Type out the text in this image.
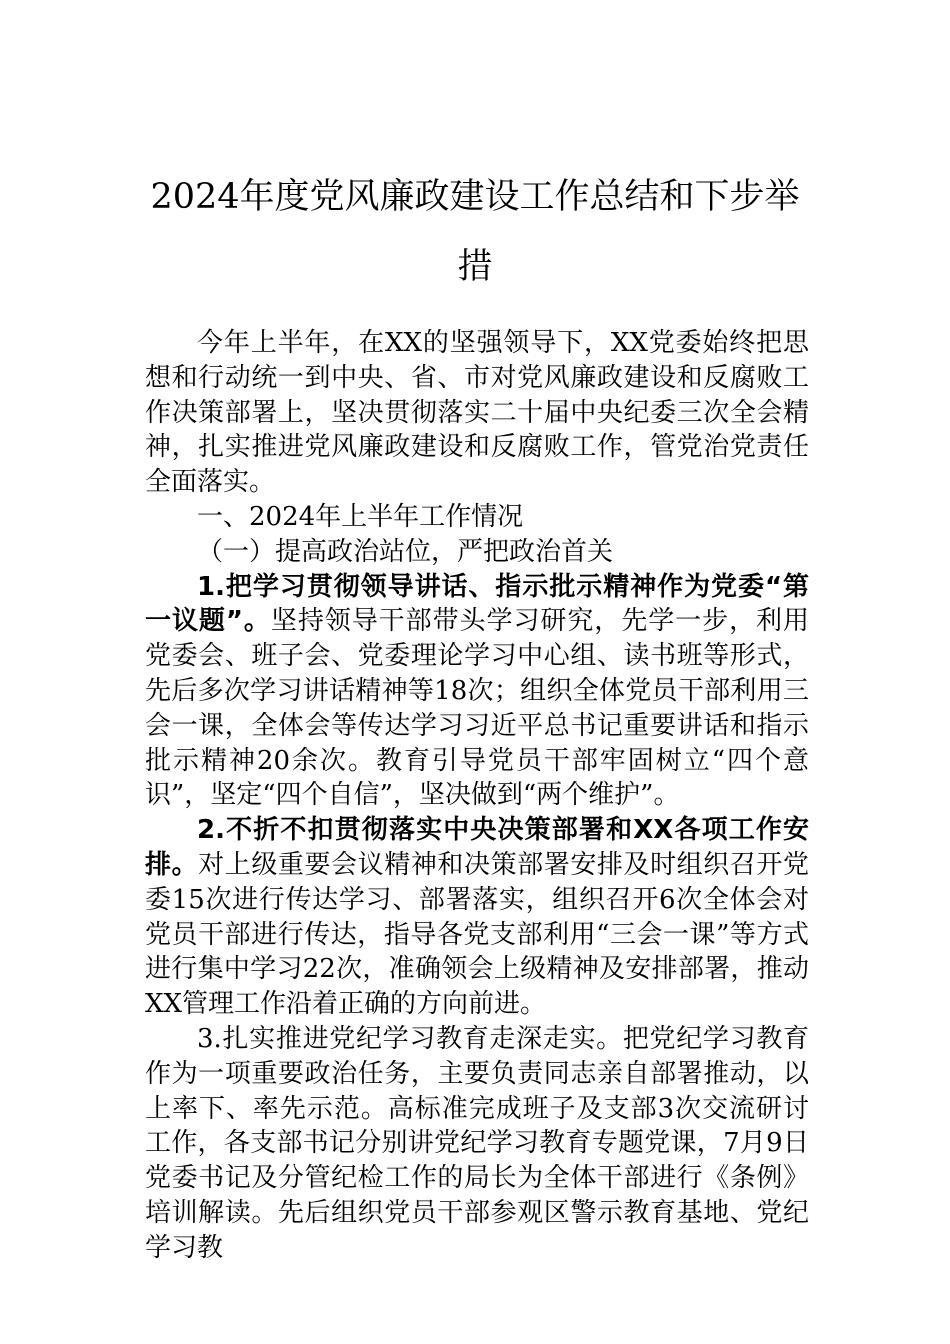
2024年度党风廉政建设工作总结和下步举措

今年上半年，在XX的坚强领导下，XX党委始终把思想和行动统一到中央、省、市对党风廉政建设和反腐败工作决策部署上，坚决贯彻落实二十届中央纪委三次全会精神，扎实推进党风廉政建设和反腐败工作，管党治党责任全面落实。

一、2024年上半年工作情况

（一）提高政治站位，严把政治首关

1.把学习贯彻领导讲话、指示批示精神作为党委“第一议题”。坚持领导干部带头学习研究，先学一步，利用党委会、班子会、党委理论学习中心组、读书班等形式，先后多次学习讲话精神等18次；组织全体党员干部利用三会一课，全体会等传达学习习近平总书记重要讲话和指示批示精神20余次。教育引导党员干部牢固树立“四个意识”，坚定“四个自信”，坚决做到“两个维护”。

2.不折不扣贯彻落实中央决策部署和XX各项工作安排。对上级重要会议精神和决策部署安排及时组织召开党委15次进行传达学习、部署落实，组织召开6次全体会对党员干部进行传达，指导各党支部利用“三会一课”等方式进行集中学习22次，准确领会上级精神及安排部署，推动XX管理工作沿着正确的方向前进。

3.扎实推进党纪学习教育走深走实。把党纪学习教育作为一项重要政治任务，主要负责同志亲自部署推动，以上率下、率先示范。高标准完成班子及支部3次交流研讨工作，各支部书记分别讲党纪学习教育专题党课，7月9日党委书记及分管纪检工作的局长为全体干部进行《条例》培训解读。先后组织党员干部参观区警示教育基地、党纪学习教
